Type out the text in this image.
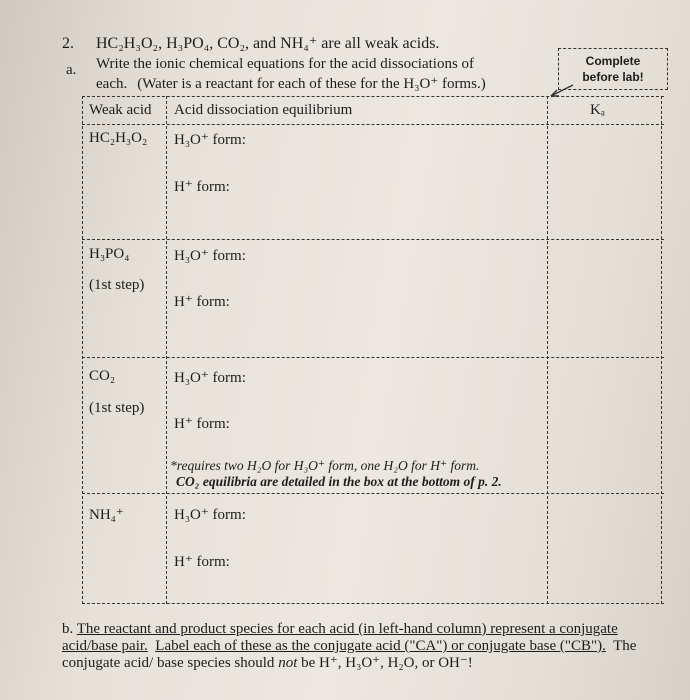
2. HC₂H₃O₂, H₃PO₄, CO₂, and NH₄⁺ are all weak acids.
a. Write the ionic chemical equations for the acid dissociations of
each. (Water is a reactant for each of these for the H₃O⁺ forms.)
Complete
before lab!
Weak acid Acid dissociation equilibrium	Kₐ
HC₂H₃O₂ H₃O⁺ form:
H⁺ form:
H₃PO₄
(1st step)
H₃O⁺ form:
H⁺ form:
CO₂
(1st step)
H₃O⁺ form:
H⁺ form:
*requires two H₂O for H₃O⁺ form, one H₂O for H⁺ form.
CO₂ equilibria are detailed in the box at the bottom of p. 2.
NH₄⁺	H₃O⁺ form:
H⁺ form:
b. The reactant and product species for each acid (in left-hand column) represent a conjugate acid/base pair. Label each of these as the conjugate acid ("CA") or conjugate base ("CB"). The conjugate acid/ base species should not be H⁺, H₃O⁺, H₂O, or OH⁻!
